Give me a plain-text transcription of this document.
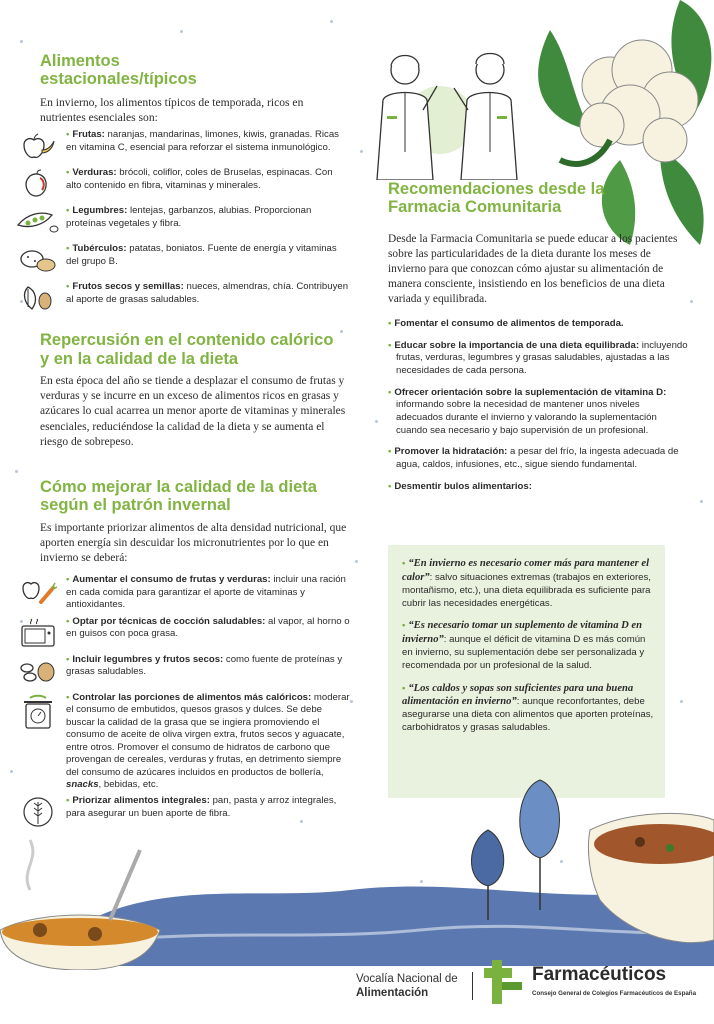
Alimentos estacionales/típicos

En invierno, los alimentos típicos de temporada, ricos en nutrientes esenciales son:

• Frutas: naranjas, mandarinas, limones, kiwis, granadas. Ricas en vitamina C, esencial para reforzar el sistema inmunológico.
• Verduras: brócoli, coliflor, coles de Bruselas, espinacas. Con alto contenido en fibra, vitaminas y minerales.
• Legumbres: lentejas, garbanzos, alubias. Proporcionan proteínas vegetales y fibra.
• Tubérculos: patatas, boniatos. Fuente de energía y vitaminas del grupo B.
• Frutos secos y semillas: nueces, almendras, chía. Contribuyen al aporte de grasas saludables.
Repercusión en el contenido calórico y en la calidad de la dieta

En esta época del año se tiende a desplazar el consumo de frutas y verduras y se incurre en un exceso de alimentos ricos en grasas y azúcares lo cual acarrea un menor aporte de vitaminas y minerales esenciales, reduciéndose la calidad de la dieta y se aumenta el riesgo de sobrepeso.

Cómo mejorar la calidad de la dieta según el patrón invernal

Es importante priorizar alimentos de alta densidad nutricional, que aporten energía sin descuidar los micronutrientes por lo que en invierno se deberá:

• Aumentar el consumo de frutas y verduras: incluir una ración en cada comida para garantizar el aporte de vitaminas y antioxidantes.
• Optar por técnicas de cocción saludables: al vapor, al horno o en guisos con poca grasa.
• Incluir legumbres y frutos secos: como fuente de proteínas y grasas saludables.
• Controlar las porciones de alimentos más calóricos: moderar el consumo de embutidos, quesos grasos y dulces. Se debe buscar la calidad de la grasa que se ingiera promoviendo el consumo de aceite de oliva virgen extra, frutos secos y aguacate, entre otros. Promover el consumo de hidratos de carbono que provengan de cereales, verduras y frutas, en detrimento siempre del consumo de azúcares incluidos en productos de bollería, snacks, bebidas, etc.
• Priorizar alimentos integrales: pan, pasta y arroz integrales, para asegurar un buen aporte de fibra.
Recomendaciones desde la Farmacia Comunitaria

Desde la Farmacia Comunitaria se puede educar a los pacientes sobre las particularidades de la dieta durante los meses de invierno para que conozcan cómo ajustar su alimentación de manera consciente, insistiendo en los beneficios de una dieta variada y equilibrada.

• Fomentar el consumo de alimentos de temporada.
• Educar sobre la importancia de una dieta equilibrada: incluyendo frutas, verduras, legumbres y grasas saludables, ajustadas a las necesidades de cada persona.
• Ofrecer orientación sobre la suplementación de vitamina D: informando sobre la necesidad de mantener unos niveles adecuados durante el invierno y valorando la suplementación cuando sea necesario y bajo supervisión de un profesional.
• Promover la hidratación: a pesar del frío, la ingesta adecuada de agua, caldos, infusiones, etc., sigue siendo fundamental.
• Desmentir bulos alimentarios:

• “En invierno es necesario comer más para mantener el calor”: salvo situaciones extremas (trabajos en exteriores, montañismo, etc.), una dieta equilibrada es suficiente para cubrir las necesidades energéticas.

• “Es necesario tomar un suplemento de vitamina D en invierno”: aunque el déficit de vitamina D es más común en invierno, su suplementación debe ser personalizada y recomendada por un profesional de la salud.

• “Los caldos y sopas son suficientes para una buena alimentación en invierno”: aunque reconfortantes, debe asegurarse una dieta con alimentos que aporten proteínas, carbohidratos y grasas saludables.

Vocalía Nacional de
Alimentación
Farmacéuticos
Consejo General de Colegios Farmacéuticos de España
